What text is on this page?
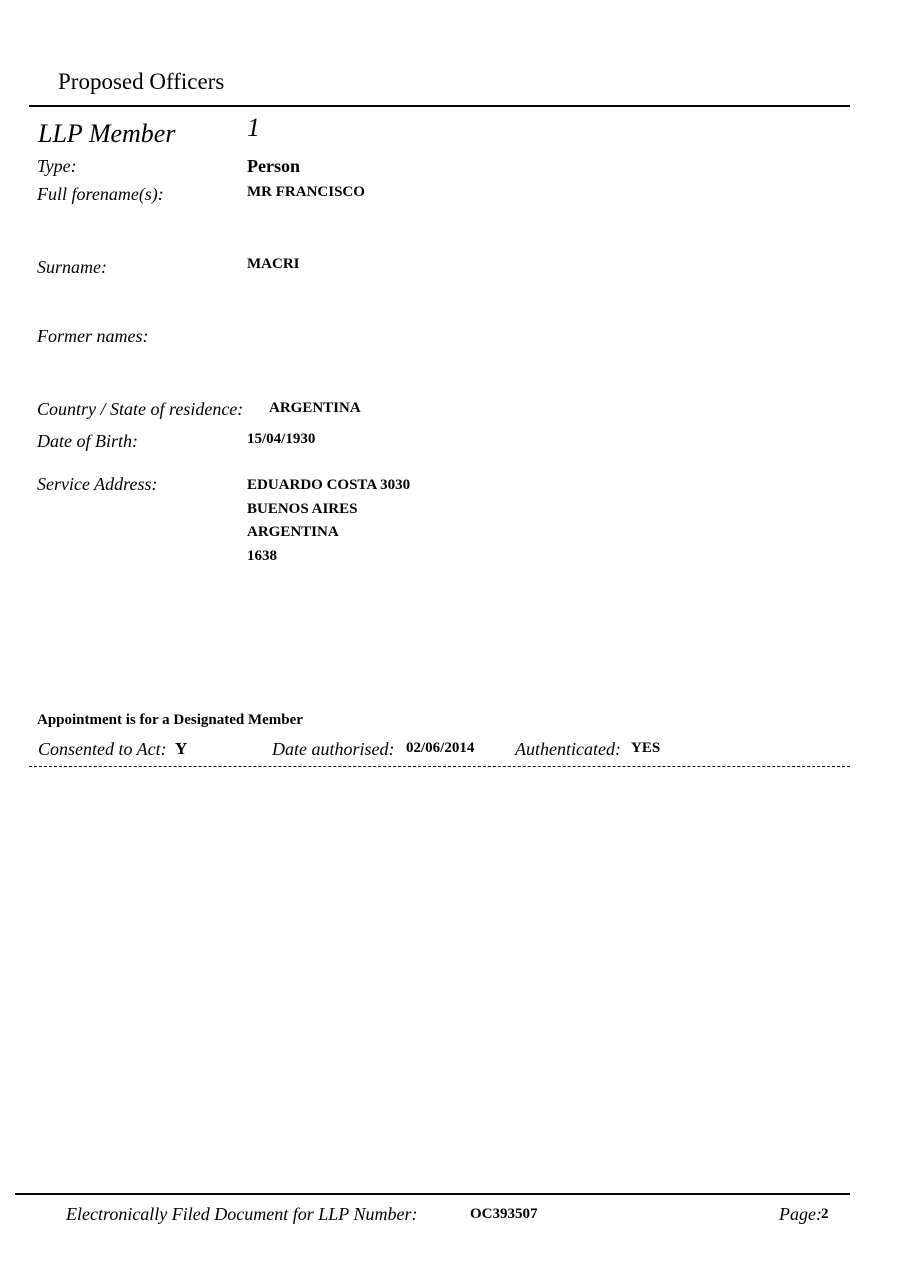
Proposed Officers
LLP Member	1
Type:	Person
Full forename(s):	MR FRANCISCO
Surname:	MACRI
Former names:
Country / State of residence: ARGENTINA
Date of Birth:	15/04/1930
Service Address:	EDUARDO COSTA 3030
BUENOS AIRES
ARGENTINA
1638
Appointment is for a Designated Member
Consented to Act: Y	Date authorised: 02/06/2014 Authenticated: YES
Electronically Filed Document for LLP Number:	OC393507	Page: 2
